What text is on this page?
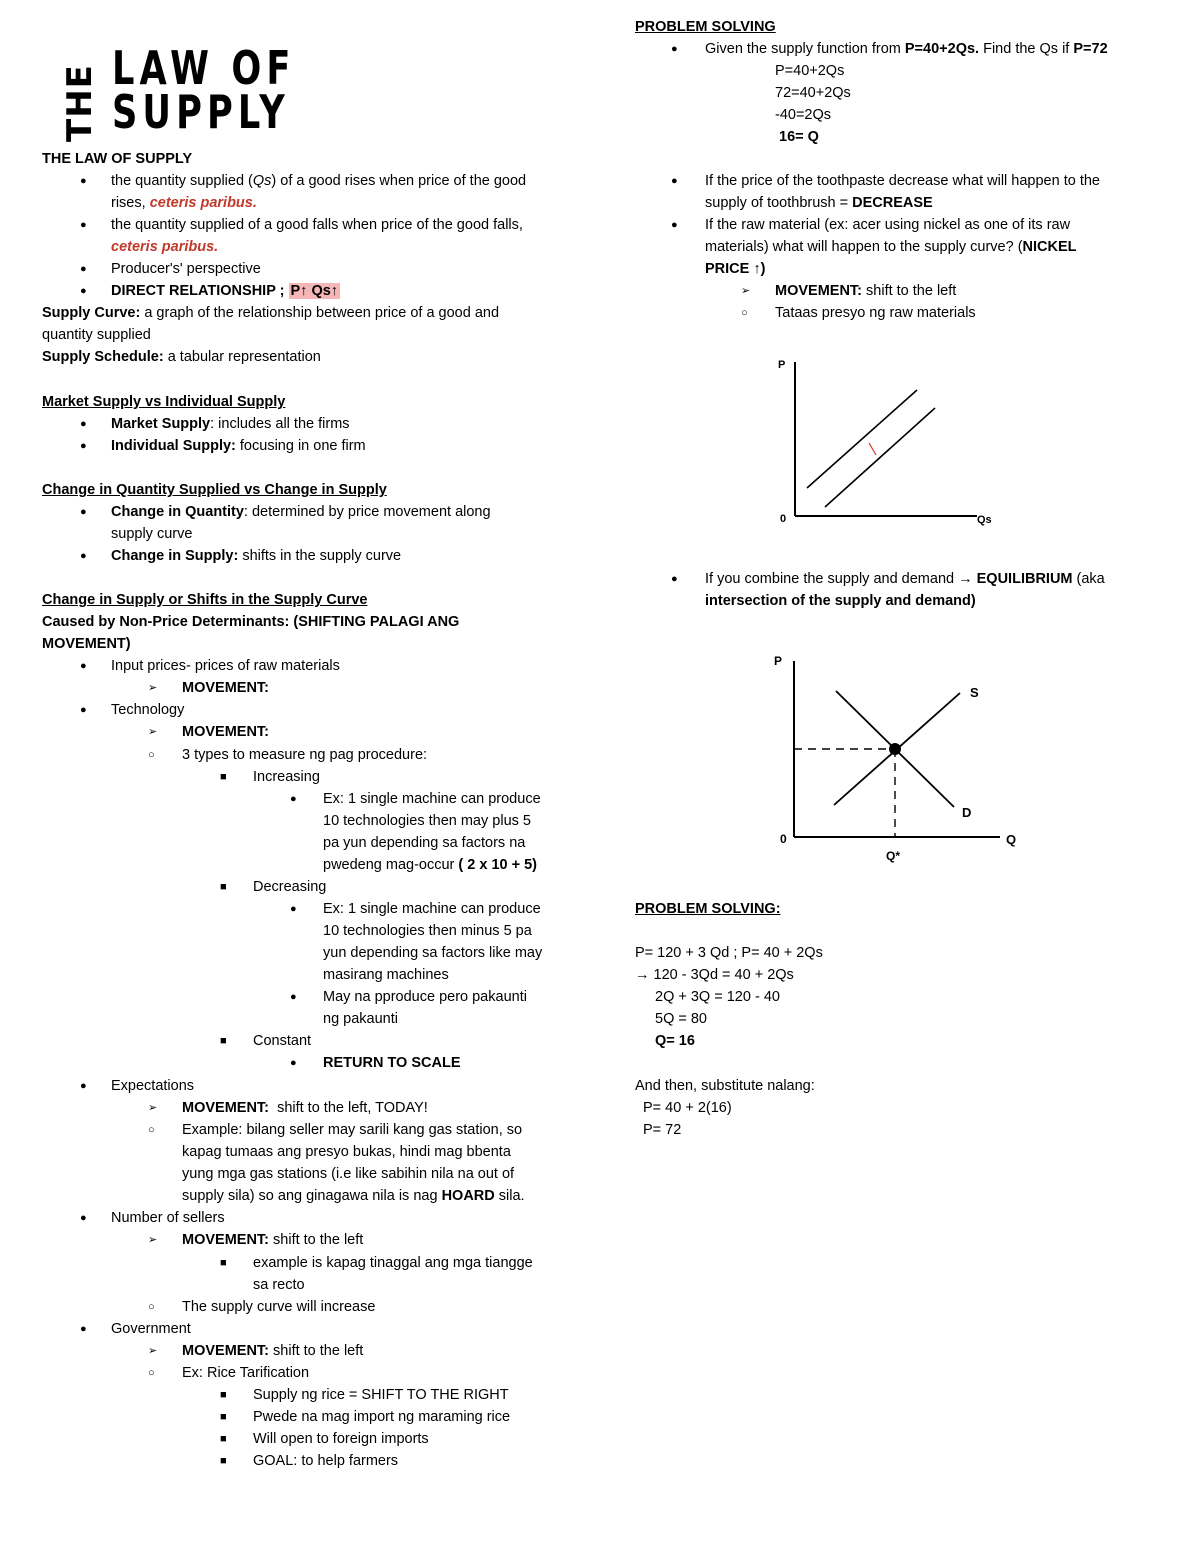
THE LAW OF
SUPPLY
THE LAW OF SUPPLY
● the quantity supplied (Qs) of a good rises when price of the good
rises, ceteris paribus.
● the quantity supplied of a good falls when price of the good falls,
ceteris paribus.
● Producer's' perspective
● DIRECT RELATIONSHIP ; P↑ Qs↑
Supply Curve: a graph of the relationship between price of a good and
quantity supplied
Supply Schedule: a tabular representation
Market Supply vs Individual Supply
● Market Supply: includes all the firms
● Individual Supply: focusing in one firm
Change in Quantity Supplied vs Change in Supply
● Change in Quantity: determined by price movement along
supply curve
● Change in Supply: shifts in the supply curve
Change in Supply or Shifts in the Supply Curve
Caused by Non-Price Determinants: (SHIFTING PALAGI ANG
MOVEMENT)
● Input prices- prices of raw materials
➢ MOVEMENT:
● Technology
➢ MOVEMENT:
○ 3 types to measure ng pag procedure:
■ Increasing
● Ex: 1 single machine can produce
10 technologies then may plus 5
pa yun depending sa factors na
pwedeng mag-occur ( 2 x 10 + 5)
■ Decreasing
● Ex: 1 single machine can produce
10 technologies then minus 5 pa
yun depending sa factors like may
masirang machines
● May na pproduce pero pakaunti
ng pakaunti
■ Constant
● RETURN TO SCALE
● Expectations
➢ MOVEMENT: shift to the left, TODAY!
○ Example: bilang seller may sarili kang gas station, so
kapag tumaas ang presyo bukas, hindi mag bbenta
yung mga gas stations (i.e like sabihin nila na out of
supply sila) so ang ginagawa nila is nag HOARD sila.
● Number of sellers
➢ MOVEMENT: shift to the left
■ example is kapag tinaggal ang mga tiangge
sa recto
○ The supply curve will increase
● Government
➢ MOVEMENT: shift to the left
○ Ex: Rice Tarification
■ Supply ng rice = SHIFT TO THE RIGHT
■ Pwede na mag import ng maraming rice
■ Will open to foreign imports
■ GOAL: to help farmers
PROBLEM SOLVING
● Given the supply function from P=40+2Qs. Find the Qs if P=72
P=40+2Qs
72=40+2Qs
-40=2Qs
16= Q
● If the price of the toothpaste decrease what will happen to the
supply of toothbrush = DECREASE
● If the raw material (ex: acer using nickel as one of its raw
materials) what will happen to the supply curve? (NICKEL
PRICE ↑)
➢ MOVEMENT: shift to the left
○ Tataas presyo ng raw materials
P
0	Qs
● If you combine the supply and demand → EQUILIBRIUM (aka
intersection of the supply and demand)
P
S
D
0	Q
Q*
PROBLEM SOLVING:
P= 120 + 3 Qd ; P= 40 + 2Qs
→ 120 - 3Qd = 40 + 2Qs
2Q + 3Q = 120 - 40
5Q = 80
Q= 16
And then, substitute nalang:
P= 40 + 2(16)
P= 72
